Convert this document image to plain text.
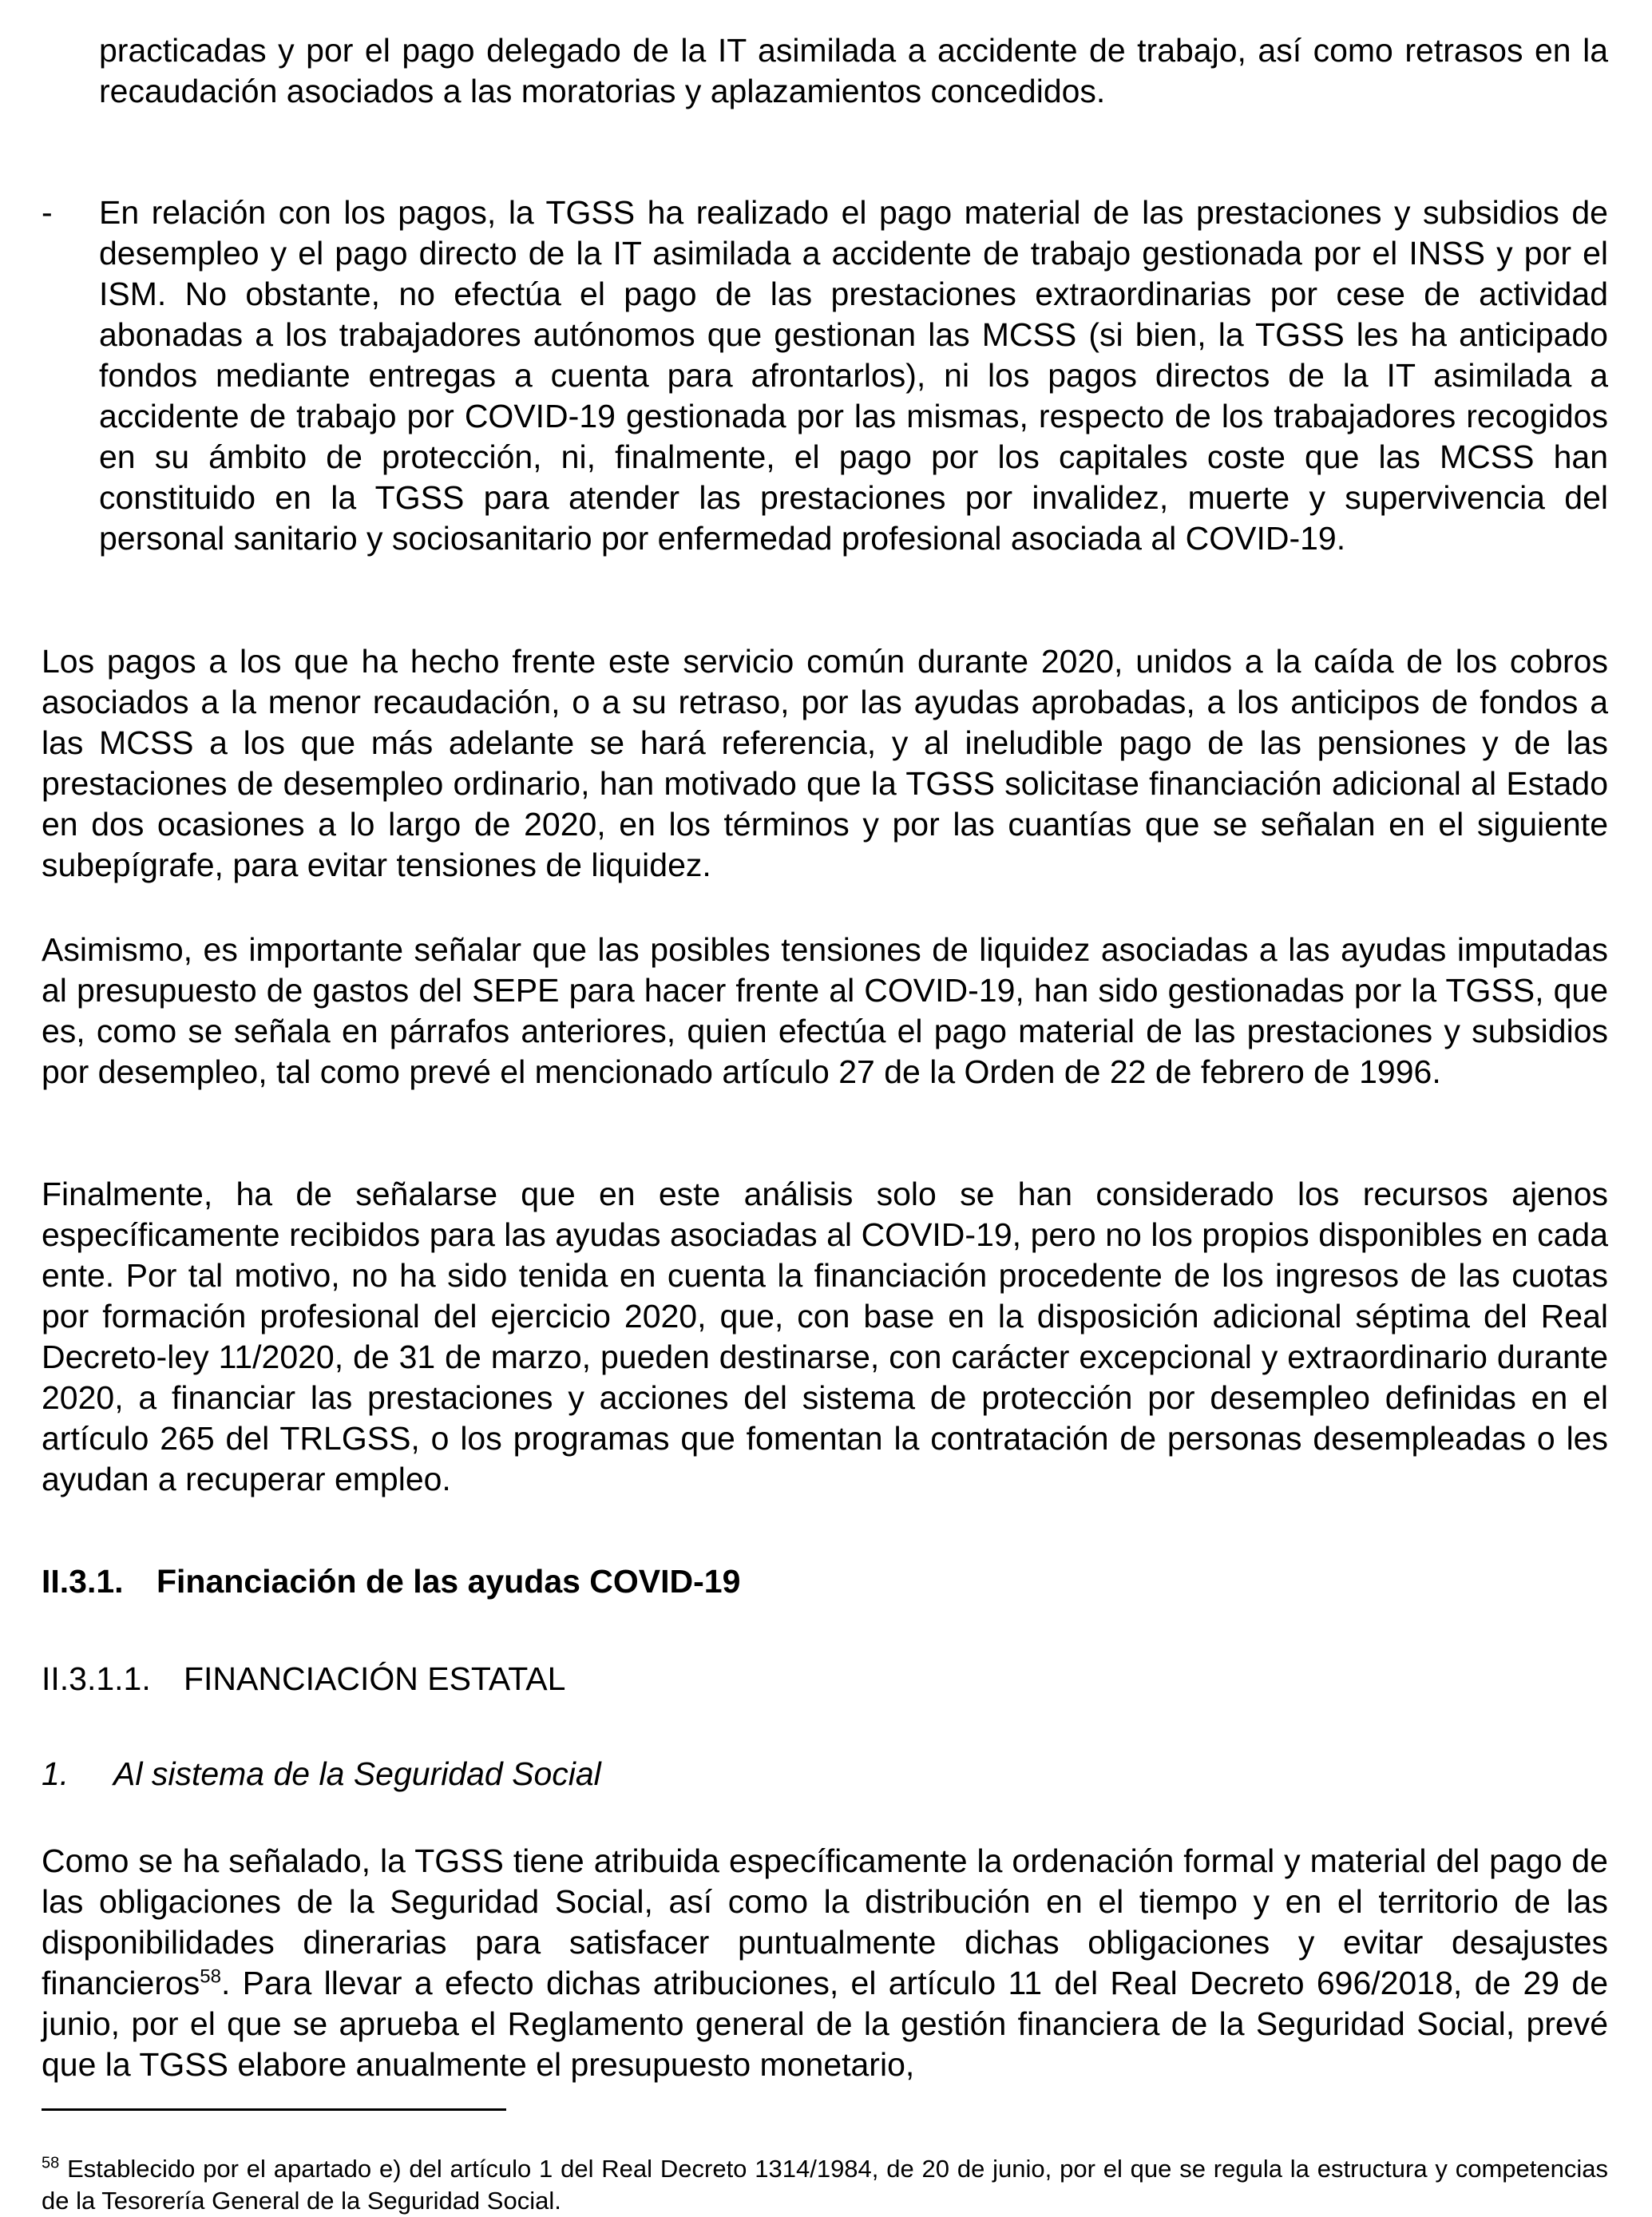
practicadas y por el pago delegado de la IT asimilada a accidente de trabajo, así como retrasos en la recaudación asociados a las moratorias y aplazamientos concedidos.

- En relación con los pagos, la TGSS ha realizado el pago material de las prestaciones y subsidios de desempleo y el pago directo de la IT asimilada a accidente de trabajo gestionada por el INSS y por el ISM. No obstante, no efectúa el pago de las prestaciones extraordinarias por cese de actividad abonadas a los trabajadores autónomos que gestionan las MCSS (si bien, la TGSS les ha anticipado fondos mediante entregas a cuenta para afrontarlos), ni los pagos directos de la IT asimilada a accidente de trabajo por COVID-19 gestionada por las mismas, respecto de los trabajadores recogidos en su ámbito de protección, ni, finalmente, el pago por los capitales coste que las MCSS han constituido en la TGSS para atender las prestaciones por invalidez, muerte y supervivencia del personal sanitario y sociosanitario por enfermedad profesional asociada al COVID-19.

Los pagos a los que ha hecho frente este servicio común durante 2020, unidos a la caída de los cobros asociados a la menor recaudación, o a su retraso, por las ayudas aprobadas, a los anticipos de fondos a las MCSS a los que más adelante se hará referencia, y al ineludible pago de las pensiones y de las prestaciones de desempleo ordinario, han motivado que la TGSS solicitase financiación adicional al Estado en dos ocasiones a lo largo de 2020, en los términos y por las cuantías que se señalan en el siguiente subepígrafe, para evitar tensiones de liquidez.

Asimismo, es importante señalar que las posibles tensiones de liquidez asociadas a las ayudas imputadas al presupuesto de gastos del SEPE para hacer frente al COVID-19, han sido gestionadas por la TGSS, que es, como se señala en párrafos anteriores, quien efectúa el pago material de las prestaciones y subsidios por desempleo, tal como prevé el mencionado artículo 27 de la Orden de 22 de febrero de 1996.

Finalmente, ha de señalarse que en este análisis solo se han considerado los recursos ajenos específicamente recibidos para las ayudas asociadas al COVID-19, pero no los propios disponibles en cada ente. Por tal motivo, no ha sido tenida en cuenta la financiación procedente de los ingresos de las cuotas por formación profesional del ejercicio 2020, que, con base en la disposición adicional séptima del Real Decreto-ley 11/2020, de 31 de marzo, pueden destinarse, con carácter excepcional y extraordinario durante 2020, a financiar las prestaciones y acciones del sistema de protección por desempleo definidas en el artículo 265 del TRLGSS, o los programas que fomentan la contratación de personas desempleadas o les ayudan a recuperar empleo.

II.3.1. Financiación de las ayudas COVID-19
II.3.1.1. FINANCIACIÓN ESTATAL
1. Al sistema de la Seguridad Social

Como se ha señalado, la TGSS tiene atribuida específicamente la ordenación formal y material del pago de las obligaciones de la Seguridad Social, así como la distribución en el tiempo y en el territorio de las disponibilidades dinerarias para satisfacer puntualmente dichas obligaciones y evitar desajustes financieros$^{58}$. Para llevar a efecto dichas atribuciones, el artículo 11 del Real Decreto 696/2018, de 29 de junio, por el que se aprueba el Reglamento general de la gestión financiera de la Seguridad Social, prevé que la TGSS elabore anualmente el presupuesto monetario,

$^{58}$ Establecido por el apartado e) del artículo 1 del Real Decreto 1314/1984, de 20 de junio, por el que se regula la estructura y competencias de la Tesorería General de la Seguridad Social.
